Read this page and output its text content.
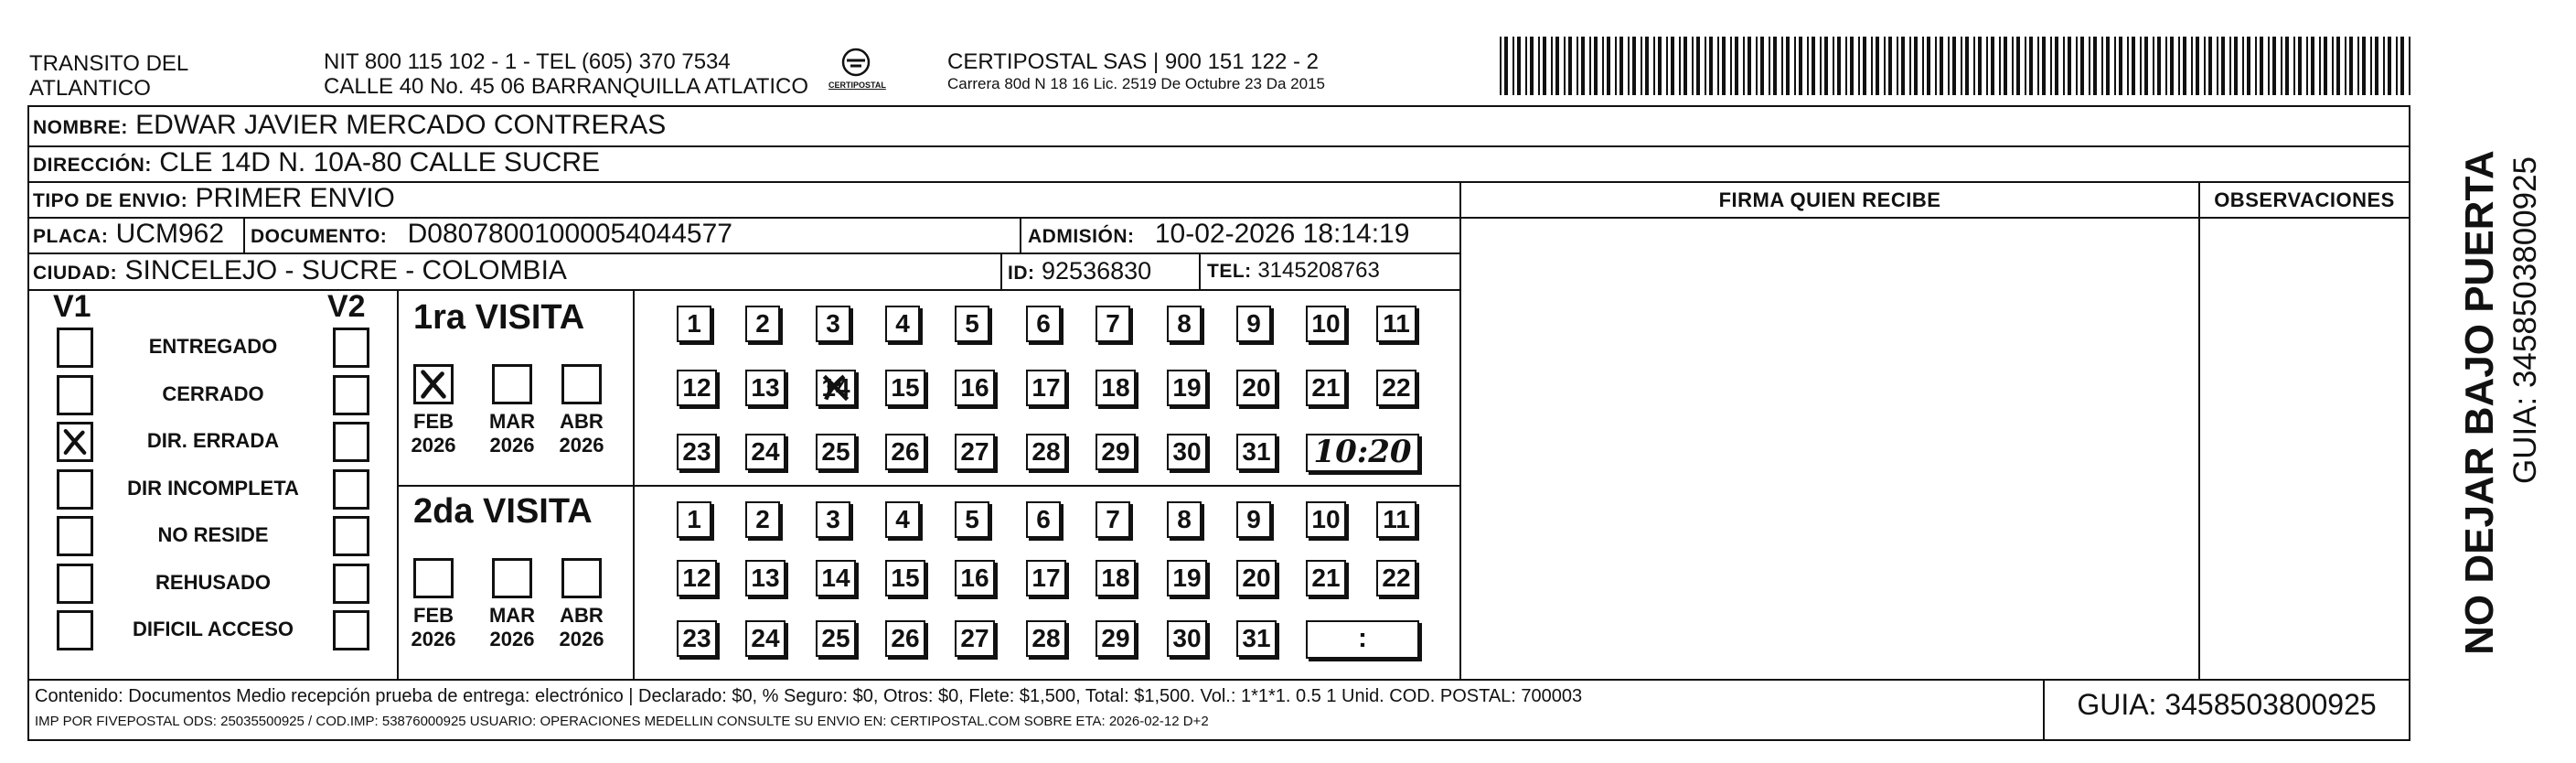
TRANSITO DEL
ATLANTICO
NIT 800 115 102 - 1 - TEL (605) 370 7534
CALLE 40 No. 45 06 BARRANQUILLA ATLATICO CERTIPOSTAL
CERTIPOSTAL SAS | 900 151 122 - 2
Carrera 80d N 18 16 Lic. 2519 De Octubre 23 Da 2015
NOMBRE: EDWAR JAVIER MERCADO CONTRERAS
DIRECCIÓN: CLE 14D N. 10A-80 CALLE SUCRE
TIPO DE ENVIO: PRIMER ENVIO
PLACA: UCM962	DOCUMENTO: D08078001000054044577	ADMISIÓN: 10-02-2026 18:14:19
CIUDAD: SINCELEJO - SUCRE - COLOMBIA	ID: 92536830	TEL: 3145208763
FIRMA QUIEN RECIBE	OBSERVACIONES
V1	V2
ENTREGADO
CERRADO
DIR. ERRADA
DIR INCOMPLETA
NO RESIDE
REHUSADO
DIFICIL ACCESO
1ra VISITA
2da VISITA
FEB
2026
MAR
2026
ABR
2026
FEB
2026
MAR
2026
ABR
2026
1	2	3	4	5	6	7	8	9	10 11
12 13 14 15 16 17 18 19 20 21 22
23 24 25 26 27 28 29 30 31 10:20
1	2	3	4	5	6	7	8	9	10 11
12 13 14 15 16 17 18 19 20 21 22
23 24 25 26 27 28 29 30 31	:
Contenido: Documentos Medio recepción prueba de entrega: electrónico | Declarado: $0, % Seguro: $0, Otros: $0, Flete: $1,500, Total: $1,500. Vol.: 1*1*1. 0.5 1 Unid. COD. POSTAL: 700003
IMP POR FIVEPOSTAL ODS: 25035500925 / COD.IMP: 53876000925 USUARIO: OPERACIONES MEDELLIN CONSULTE SU ENVIO EN: CERTIPOSTAL.COM SOBRE ETA: 2026-02-12 D+2
GUIA: 3458503800925
NO DEJAR BAJO PUERTA GUIA: 3458503800925
